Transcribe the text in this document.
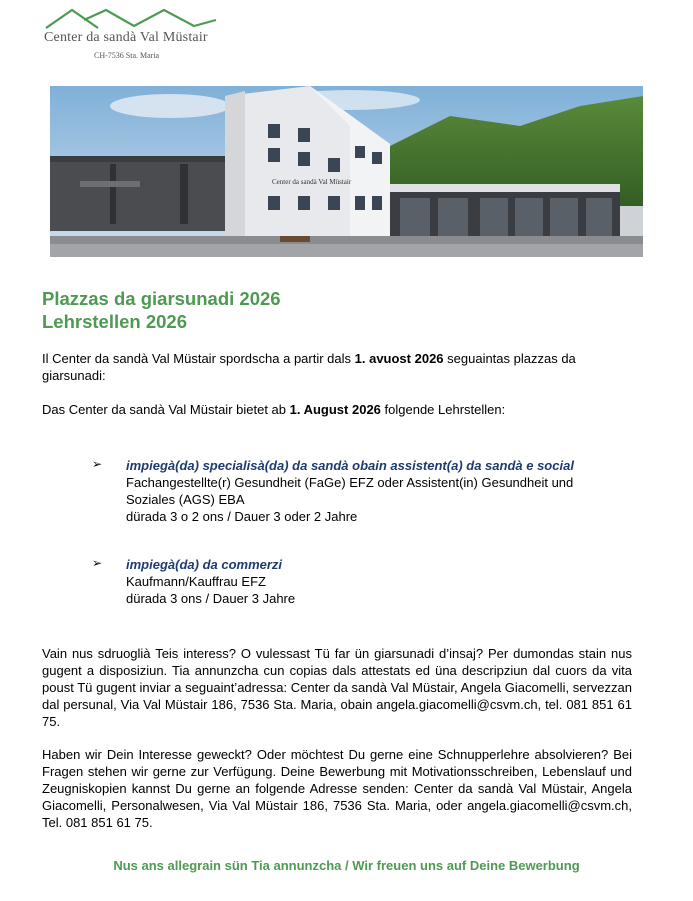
Center da sandà Val Müstair
CH-7536 Sta. Maria
Center da sandà Val Müstair
Plazzas da giarsunadi 2026
Lehrstellen 2026
Il Center da sandà Val Müstair spordscha a partir dals 1. avuost 2026 seguaintas plazzas da giarsunadi:
Das Center da sandà Val Müstair bietet ab 1. August 2026 folgende Lehrstellen:
➢ impiegà(da) specialisà(da) da sandà obain assistent(a) da sandà e social
Fachangestellte(r) Gesundheit (FaGe) EFZ oder Assistent(in) Gesundheit und Soziales (AGS) EBA
dürada 3 o 2 ons / Dauer 3 oder 2 Jahre
➢ impiegà(da) da commerzi
Kaufmann/Kauffrau EFZ
dürada 3 ons / Dauer 3 Jahre
Vain nus sdruoglià Teis interess? O vulessast Tü far ün giarsunadi d’insaj? Per dumondas stain nus gugent a disposiziun. Tia annunzcha cun copias dals attestats ed üna descripziun dal cuors da vita poust Tü gugent inviar a seguaint’adressa: Center da sandà Val Müstair, Angela Giacomelli, servezzan dal persunal, Via Val Müstair 186, 7536 Sta. Maria, obain angela.giacomelli@csvm.ch, tel. 081 851 61 75.
Haben wir Dein Interesse geweckt? Oder möchtest Du gerne eine Schnupperlehre absolvieren? Bei Fragen stehen wir gerne zur Verfügung. Deine Bewerbung mit Motivationsschreiben, Lebenslauf und Zeugniskopien kannst Du gerne an folgende Adresse senden: Center da sandà Val Müstair, Angela Giacomelli, Personalwesen, Via Val Müstair 186, 7536 Sta. Maria, oder angela.giacomelli@csvm.ch, Tel. 081 851 61 75.
Nus ans allegrain sün Tia annunzcha / Wir freuen uns auf Deine Bewerbung
